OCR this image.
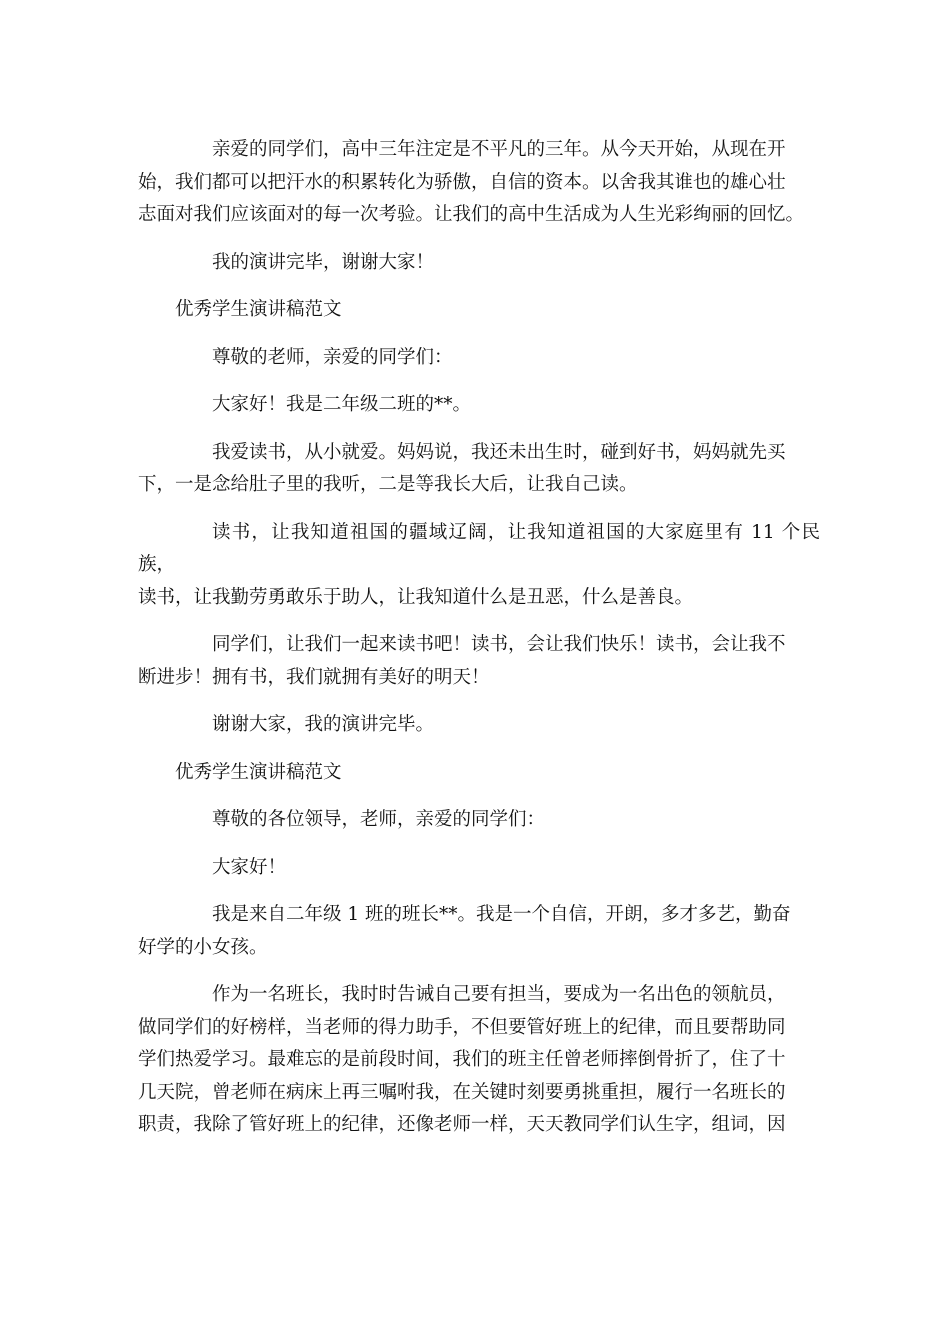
亲爱的同学们，高中三年注定是不平凡的三年。从今天开始，从现在开
始，我们都可以把汗水的积累转化为骄傲，自信的资本。以舍我其谁也的雄心壮
志面对我们应该面对的每一次考验。让我们的高中生活成为人生光彩绚丽的回忆。

我的演讲完毕，谢谢大家！

优秀学生演讲稿范文

尊敬的老师，亲爱的同学们：

大家好！我是二年级二班的**。

我爱读书，从小就爱。妈妈说，我还未出生时，碰到好书，妈妈就先买
下，一是念给肚子里的我听，二是等我长大后，让我自己读。

读书，让我知道祖国的疆域辽阔，让我知道祖国的大家庭里有 11 个民族，
读书，让我勤劳勇敢乐于助人，让我知道什么是丑恶，什么是善良。

同学们，让我们一起来读书吧！读书，会让我们快乐！读书，会让我不
断进步！拥有书，我们就拥有美好的明天！

谢谢大家，我的演讲完毕。

优秀学生演讲稿范文

尊敬的各位领导，老师，亲爱的同学们：

大家好！

我是来自二年级 1 班的班长**。我是一个自信，开朗，多才多艺，勤奋
好学的小女孩。

作为一名班长，我时时告诫自己要有担当，要成为一名出色的领航员，
做同学们的好榜样，当老师的得力助手，不但要管好班上的纪律，而且要帮助同
学们热爱学习。最难忘的是前段时间，我们的班主任曾老师摔倒骨折了，住了十
几天院，曾老师在病床上再三嘱咐我，在关键时刻要勇挑重担，履行一名班长的
职责，我除了管好班上的纪律，还像老师一样，天天教同学们认生字，组词，因
